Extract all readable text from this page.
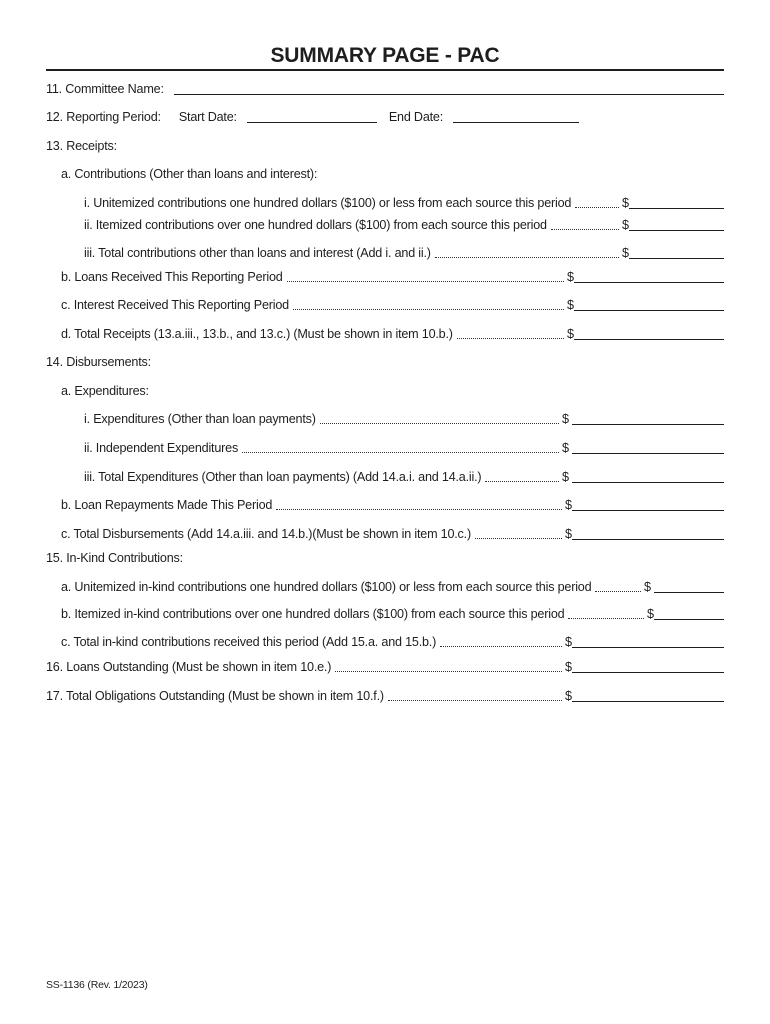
SUMMARY PAGE - PAC
11. Committee Name:
12. Reporting Period: Start Date:	End Date:
13. Receipts:
a. Contributions (Other than loans and interest):
i. Unitemized contributions one hundred dollars ($100) or less from each source this period	$
ii. Itemized contributions over one hundred dollars ($100) from each source this period	$
iii. Total contributions other than loans and interest (Add i. and ii.)	$
b. Loans Received This Reporting Period	$
c. Interest Received This Reporting Period	$
d. Total Receipts (13.a.iii., 13.b., and 13.c.) (Must be shown in item 10.b.)	$
14. Disbursements:
a. Expenditures:
i. Expenditures (Other than loan payments)	$
ii. Independent Expenditures	$
iii. Total Expenditures (Other than loan payments) (Add 14.a.i. and 14.a.ii.)	$
b. Loan Repayments Made This Period	$
c. Total Disbursements (Add 14.a.iii. and 14.b.)(Must be shown in item 10.c.)	$
15. In-Kind Contributions:
a. Unitemized in-kind contributions one hundred dollars ($100) or less from each source this period	$
b. Itemized in-kind contributions over one hundred dollars ($100) from each source this period	$
c. Total in-kind contributions received this period (Add 15.a. and 15.b.)	$
16. Loans Outstanding (Must be shown in item 10.e.)	$
17. Total Obligations Outstanding (Must be shown in item 10.f.)	$
SS-1136 (Rev. 1/2023)
